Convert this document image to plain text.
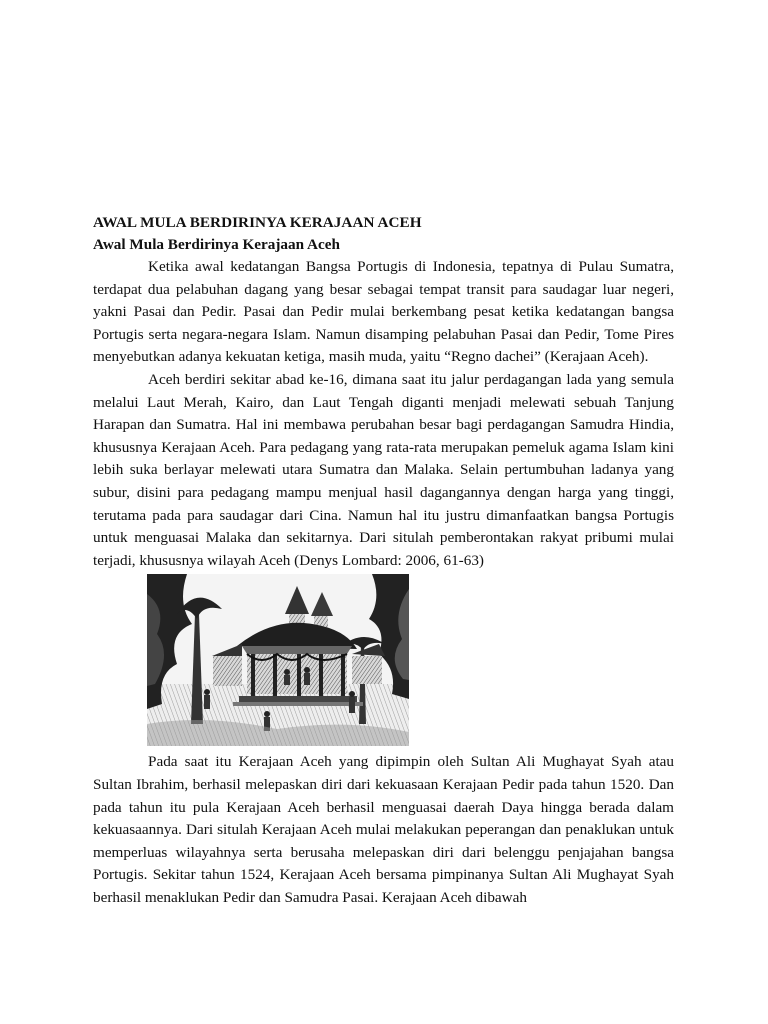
AWAL MULA BERDIRINYA KERAJAAN ACEH

Awal Mula Berdirinya Kerajaan Aceh

Ketika awal kedatangan Bangsa Portugis di Indonesia, tepatnya di Pulau Sumatra, terdapat dua pelabuhan dagang yang besar sebagai tempat transit para saudagar luar negeri, yakni Pasai dan Pedir. Pasai dan Pedir mulai berkembang pesat ketika kedatangan bangsa Portugis serta negara-negara Islam. Namun disamping pelabuhan Pasai dan Pedir, Tome Pires menyebutkan adanya kekuatan ketiga, masih muda, yaitu “Regno dachei” (Kerajaan Aceh).

Aceh berdiri sekitar abad ke-16, dimana saat itu jalur perdagangan lada yang semula melalui Laut Merah, Kairo, dan Laut Tengah diganti menjadi melewati sebuah Tanjung Harapan dan Sumatra. Hal ini membawa perubahan besar bagi perdagangan Samudra Hindia, khususnya Kerajaan Aceh. Para pedagang yang rata-rata merupakan pemeluk agama Islam kini lebih suka berlayar melewati utara Sumatra dan Malaka. Selain pertumbuhan ladanya yang subur, disini para pedagang mampu menjual hasil dagangannya dengan harga yang tinggi, terutama pada para saudagar dari Cina. Namun hal itu justru dimanfaatkan bangsa Portugis untuk menguasai Malaka dan sekitarnya. Dari situlah pemberontakan rakyat pribumi mulai terjadi, khususnya wilayah Aceh (Denys Lombard: 2006, 61-63)

Pada saat itu Kerajaan Aceh yang dipimpin oleh Sultan Ali Mughayat Syah atau Sultan Ibrahim, berhasil melepaskan diri dari kekuasaan Kerajaan Pedir pada tahun 1520. Dan pada tahun itu pula Kerajaan Aceh berhasil menguasai daerah Daya hingga berada dalam kekuasaannya. Dari situlah Kerajaan Aceh mulai melakukan peperangan dan penaklukan untuk memperluas wilayahnya serta berusaha melepaskan diri dari belenggu penjajahan bangsa Portugis. Sekitar tahun 1524, Kerajaan Aceh bersama pimpinanya Sultan Ali Mughayat Syah berhasil menaklukan Pedir dan Samudra Pasai. Kerajaan Aceh dibawah
